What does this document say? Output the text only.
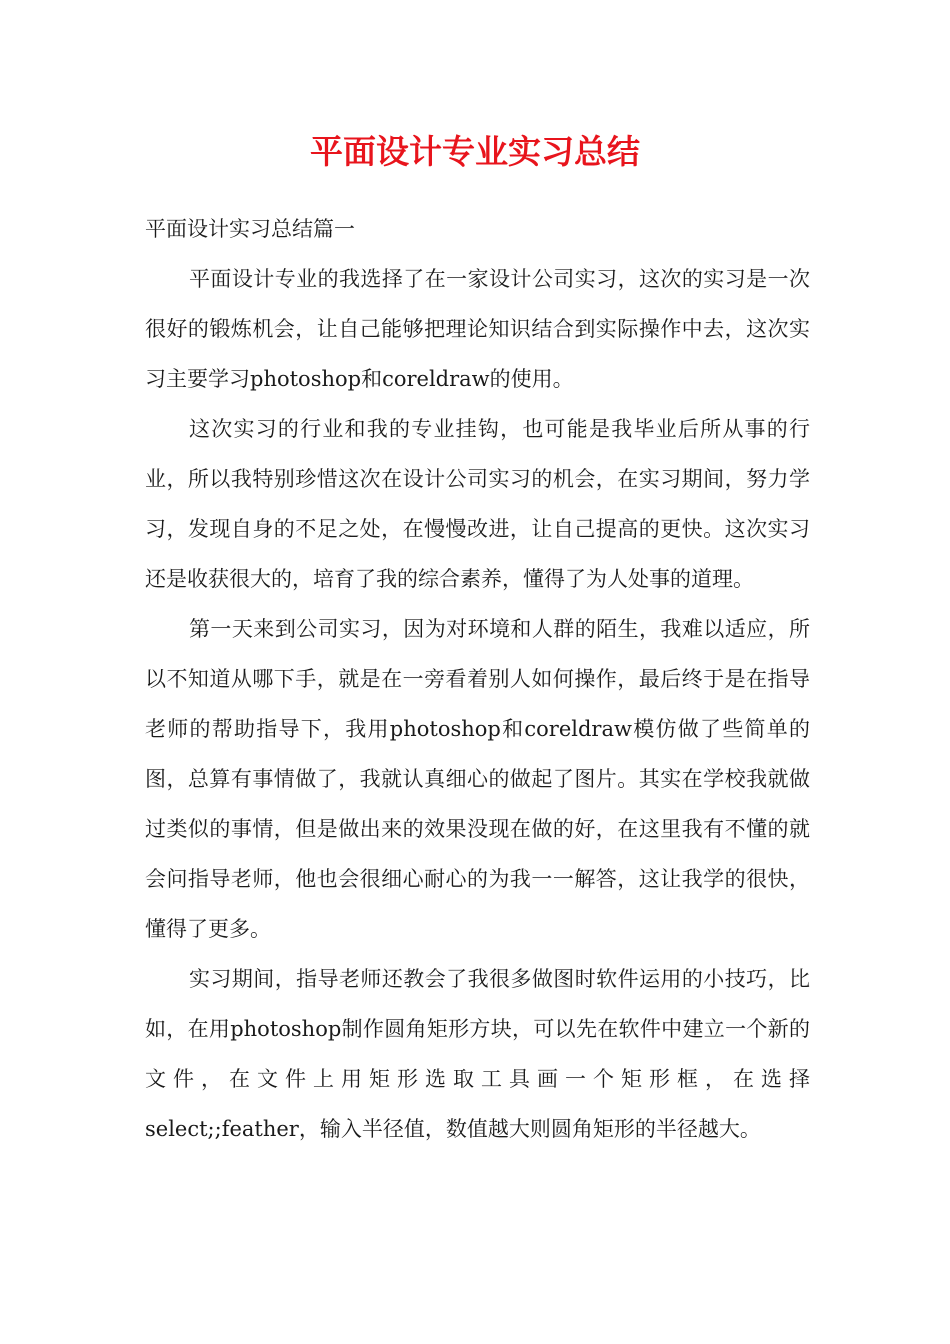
平面设计专业实习总结

平面设计实习总结篇一

平面设计专业的我选择了在一家设计公司实习，这次的实习是一次很好的锻炼机会，让自己能够把理论知识结合到实际操作中去，这次实习主要学习photoshop和coreldraw的使用。

这次实习的行业和我的专业挂钩，也可能是我毕业后所从事的行业，所以我特别珍惜这次在设计公司实习的机会，在实习期间，努力学习，发现自身的不足之处，在慢慢改进，让自己提高的更快。这次实习还是收获很大的，培育了我的综合素养，懂得了为人处事的道理。

第一天来到公司实习，因为对环境和人群的陌生，我难以适应，所以不知道从哪下手，就是在一旁看着别人如何操作，最后终于是在指导老师的帮助指导下，我用photoshop和coreldraw模仿做了些简单的图，总算有事情做了，我就认真细心的做起了图片。其实在学校我就做过类似的事情，但是做出来的效果没现在做的好，在这里我有不懂的就会问指导老师，他也会很细心耐心的为我一一解答，这让我学的很快，懂得了更多。

实习期间，指导老师还教会了我很多做图时软件运用的小技巧，比如，在用photoshop制作圆角矩形方块，可以先在软件中建立一个新的文件，在文件上用矩形选取工具画一个矩形框，在选择select;;feather，输入半径值，数值越大则圆角矩形的半径越大。
